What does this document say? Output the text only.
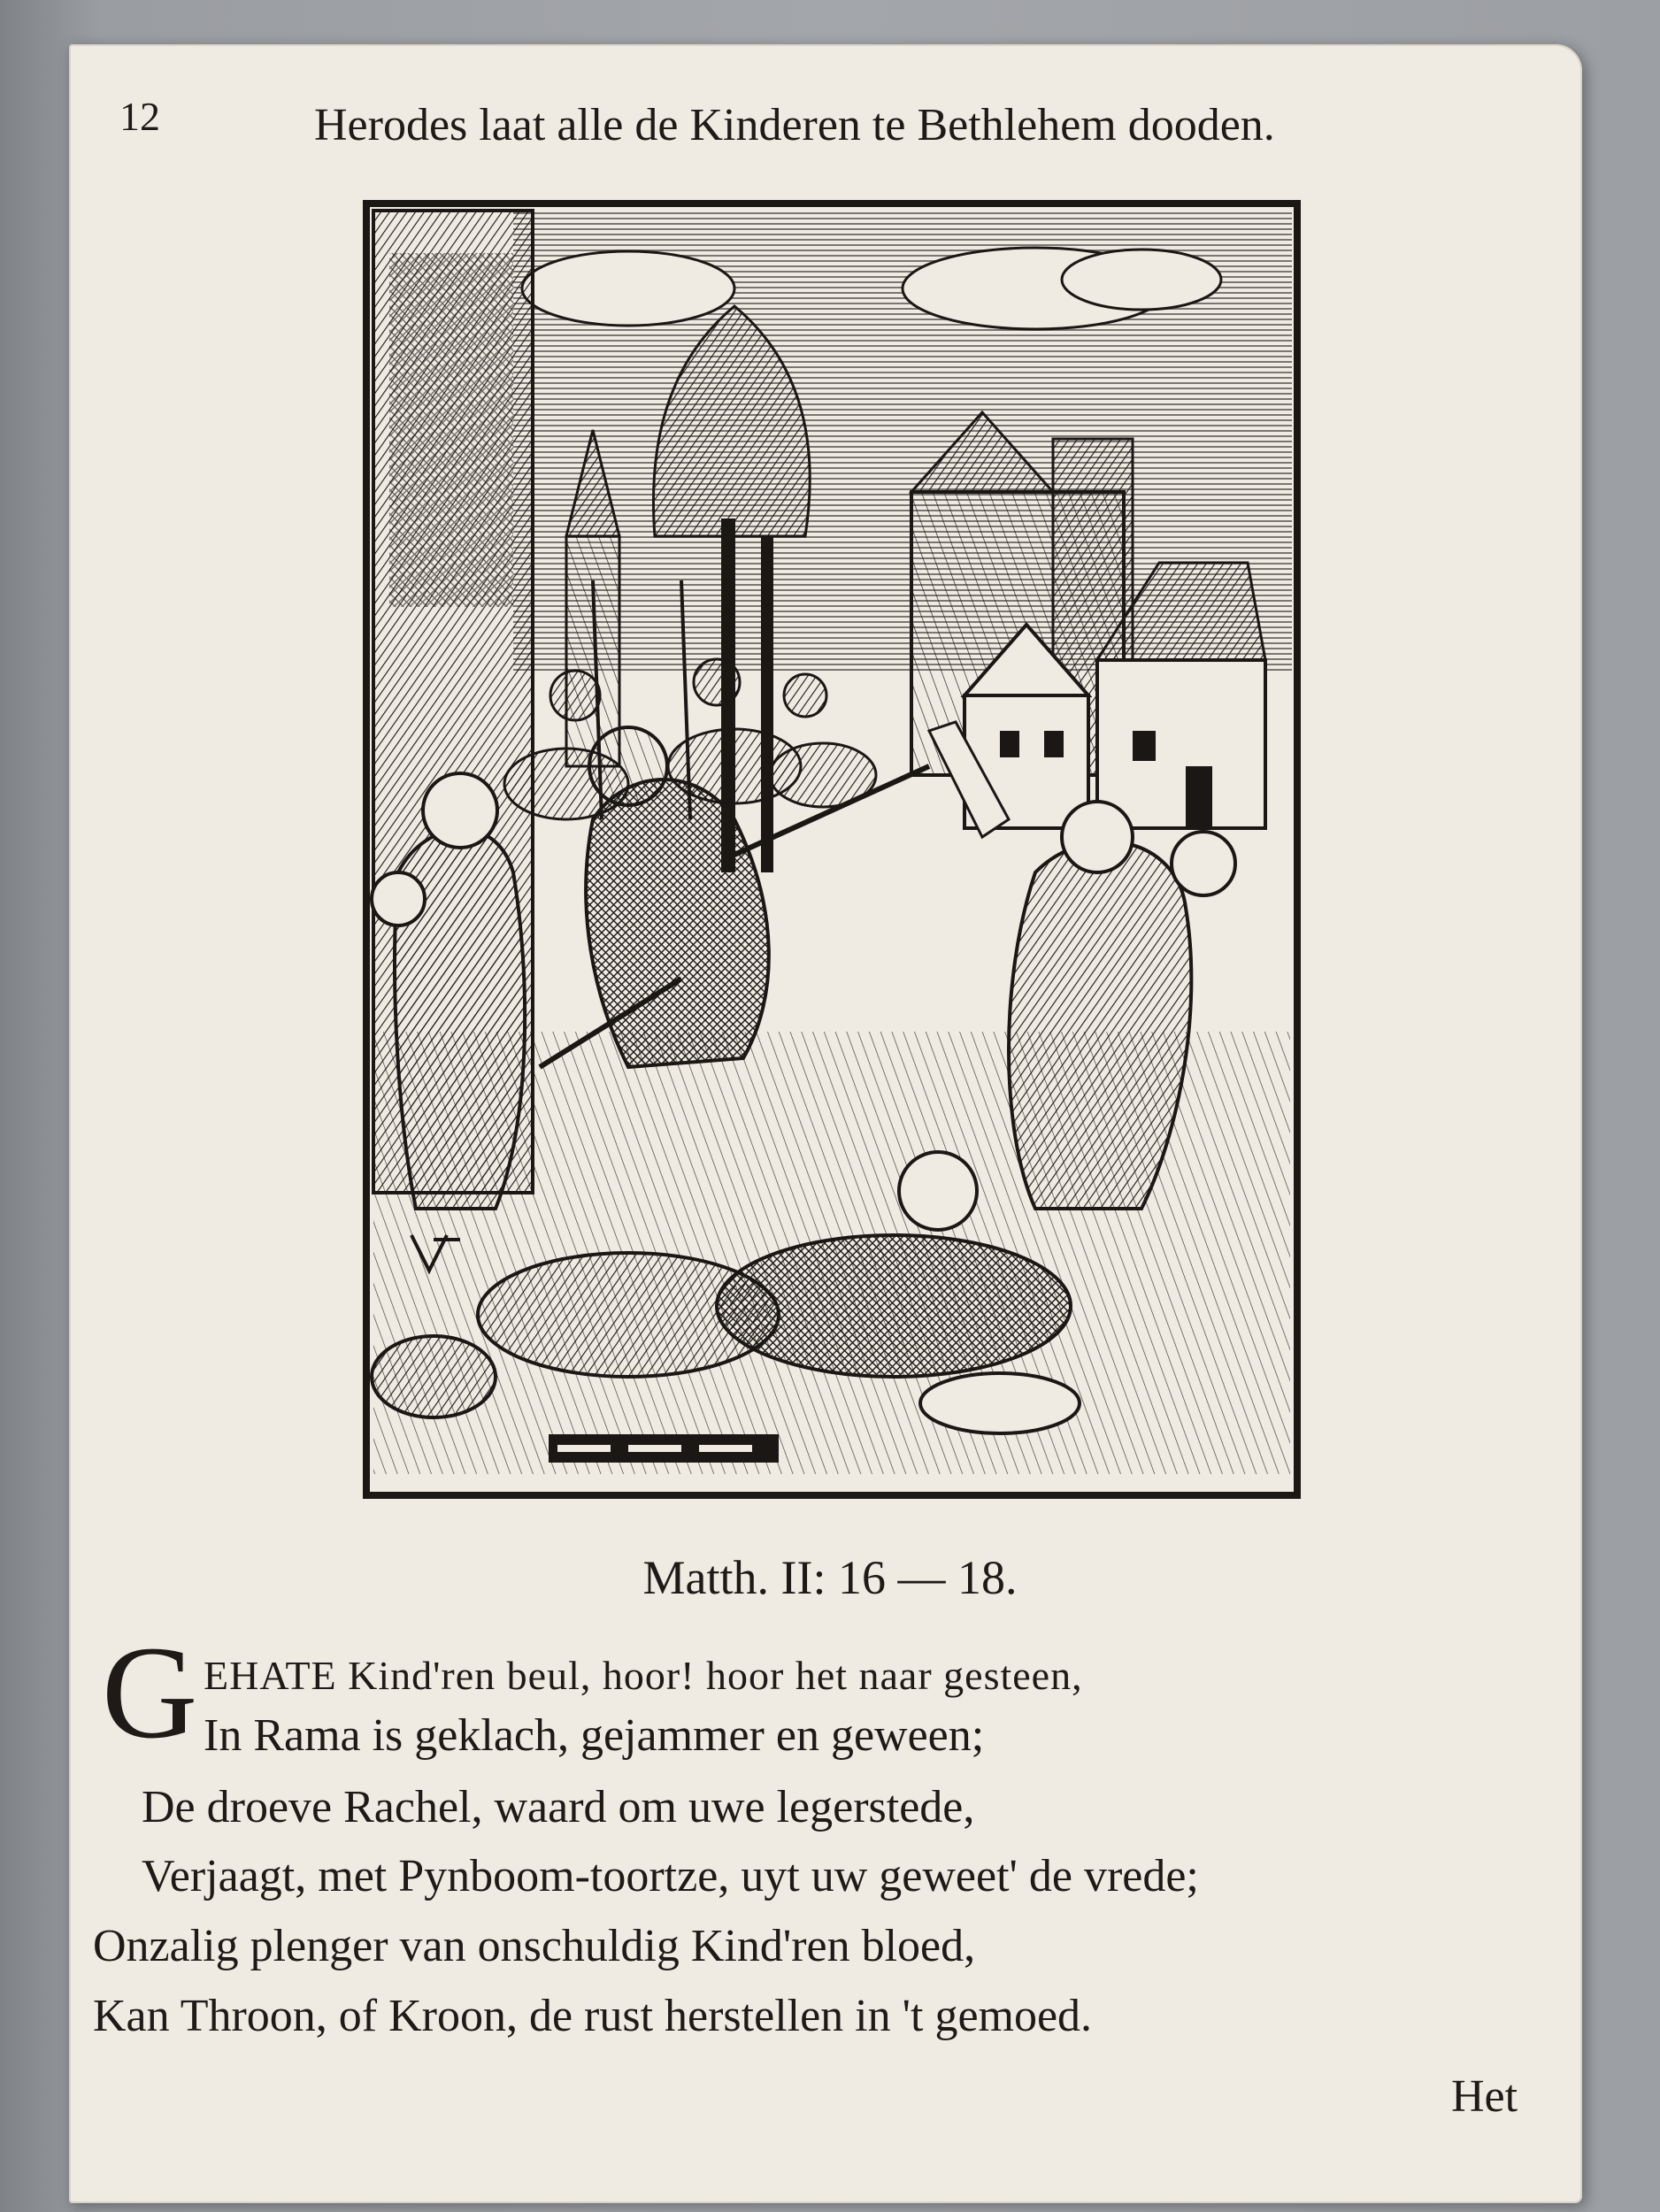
12	Herodes laat alle de Kinderen te Bethlehem dooden.
Matth. II: 16 — 18.
G EHATE Kind'ren beul, hoor! hoor het naar gesteen,
In Rama is geklach, gejammer en geween;
De droeve Rachel, waard om uwe legerstede,
Verjaagt, met Pynboom-toortze, uyt uw geweet' de vrede;
Onzalig plenger van onschuldig Kind'ren bloed,
Kan Throon, of Kroon, de rust herstellen in 't gemoed.
Het
